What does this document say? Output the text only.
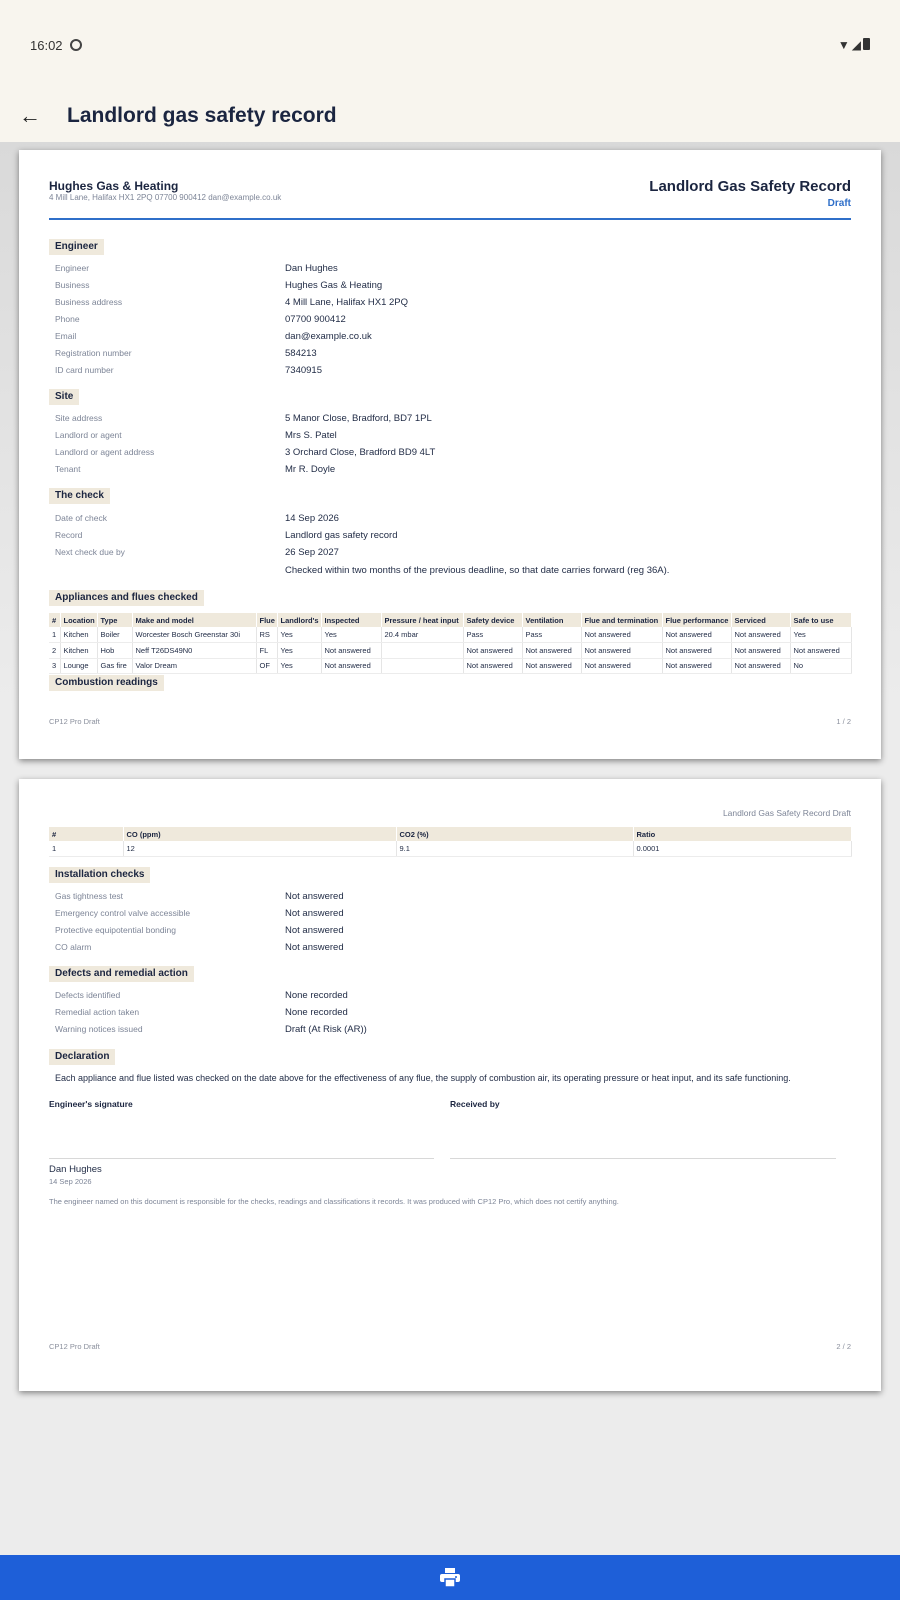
16:02	▼◢
← Landlord gas safety record
Hughes Gas & Heating
4 Mill Lane, Halifax HX1 2PQ 07700 900412 dan@example.co.uk
Landlord Gas Safety Record
Draft
Engineer
Engineer	Dan Hughes
Business	Hughes Gas & Heating
Business address	4 Mill Lane, Halifax HX1 2PQ
Phone	07700 900412
Email	dan@example.co.uk
Registration number	584213
ID card number	7340915
Site
Site address	5 Manor Close, Bradford, BD7 1PL
Landlord or agent	Mrs S. Patel
Landlord or agent address	3 Orchard Close, Bradford BD9 4LT
Tenant	Mr R. Doyle
The check
Date of check	14 Sep 2026
Record	Landlord gas safety record
Next check due by	26 Sep 2027
Checked within two months of the previous deadline, so that date carries forward (reg 36A).
Appliances and flues checked
#	Location	Type	Make and model	Flue	Landlord's	Inspected	Pressure / heat input	Safety device	Ventilation	Flue and termination	Flue performance	Serviced	Safe to use
1	Kitchen	Boiler	Worcester Bosch Greenstar 30i	RS	Yes	Yes	20.4 mbar	Pass	Pass	Not answered	Not answered	Not answered	Yes
2	Kitchen	Hob	Neff T26DS49N0	FL	Yes	Not answered		Not answered	Not answered	Not answered	Not answered	Not answered	Not answered
3	Lounge	Gas fire	Valor Dream	OF	Yes	Not answered		Not answered	Not answered	Not answered	Not answered	Not answered	No
Combustion readings
CP12 Pro Draft	1 / 2
Landlord Gas Safety Record Draft
#	CO (ppm)	CO2 (%)	Ratio
1	12	9.1	0.0001
Installation checks
Gas tightness test	Not answered
Emergency control valve accessible	Not answered
Protective equipotential bonding	Not answered
CO alarm	Not answered
Defects and remedial action
Defects identified	None recorded
Remedial action taken	None recorded
Warning notices issued	Draft (At Risk (AR))
Declaration
Each appliance and flue listed was checked on the date above for the effectiveness of any flue, the supply of combustion air, its operating pressure or heat input, and its safe functioning.
Engineer's signature	Received by
Dan Hughes
14 Sep 2026
The engineer named on this document is responsible for the checks, readings and classifications it records. It was produced with CP12 Pro, which does not certify anything.
CP12 Pro Draft	2 / 2
